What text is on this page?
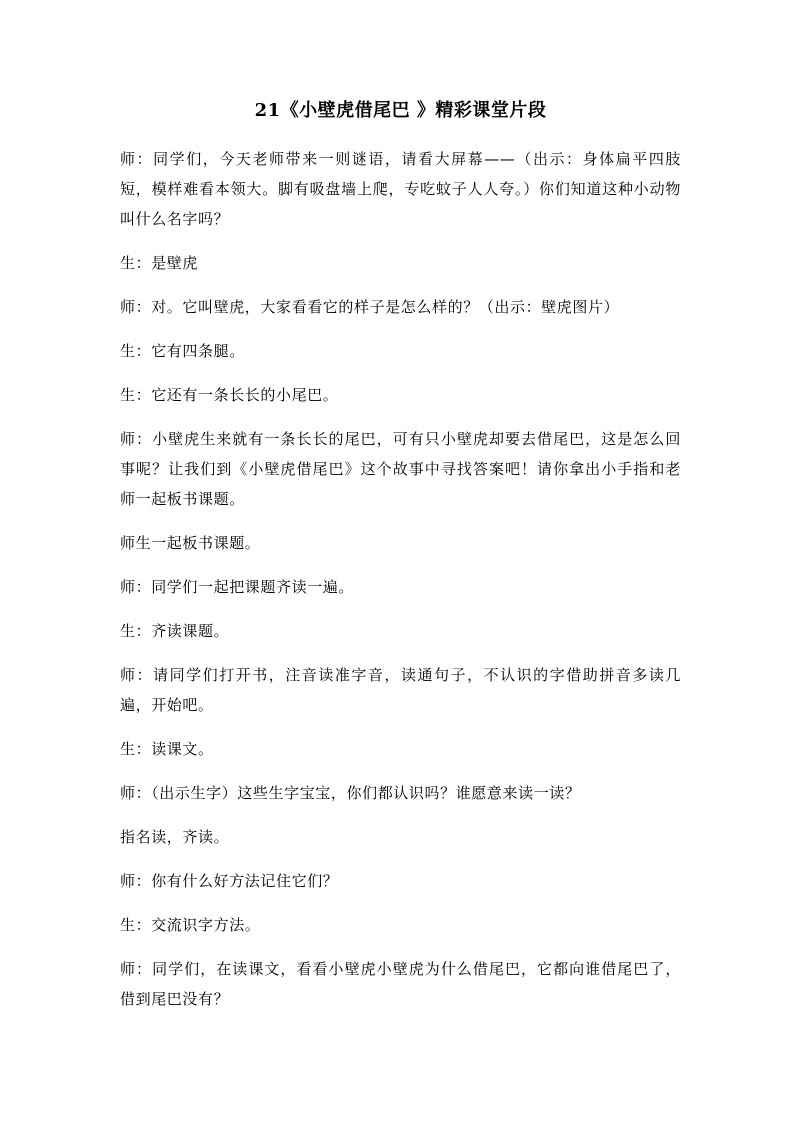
21《小壁虎借尾巴 》精彩课堂片段

师：同学们，今天老师带来一则谜语，请看大屏幕——（出示：身体扁平四肢短，模样难看本领大。脚有吸盘墙上爬，专吃蚊子人人夸。）你们知道这种小动物叫什么名字吗？

生：是壁虎

师：对。它叫壁虎，大家看看它的样子是怎么样的？（出示：壁虎图片）

生：它有四条腿。

生：它还有一条长长的小尾巴。

师：小壁虎生来就有一条长长的尾巴，可有只小壁虎却要去借尾巴，这是怎么回事呢？让我们到《小壁虎借尾巴》这个故事中寻找答案吧！请你拿出小手指和老师一起板书课题。

师生一起板书课题。

师：同学们一起把课题齐读一遍。

生：齐读课题。

师：请同学们打开书，注音读准字音，读通句子，不认识的字借助拼音多读几遍，开始吧。

生：读课文。

师：（出示生字）这些生字宝宝，你们都认识吗？谁愿意来读一读？

指名读，齐读。

师：你有什么好方法记住它们？

生：交流识字方法。

师：同学们，在读课文，看看小壁虎小壁虎为什么借尾巴，它都向谁借尾巴了，借到尾巴没有？
